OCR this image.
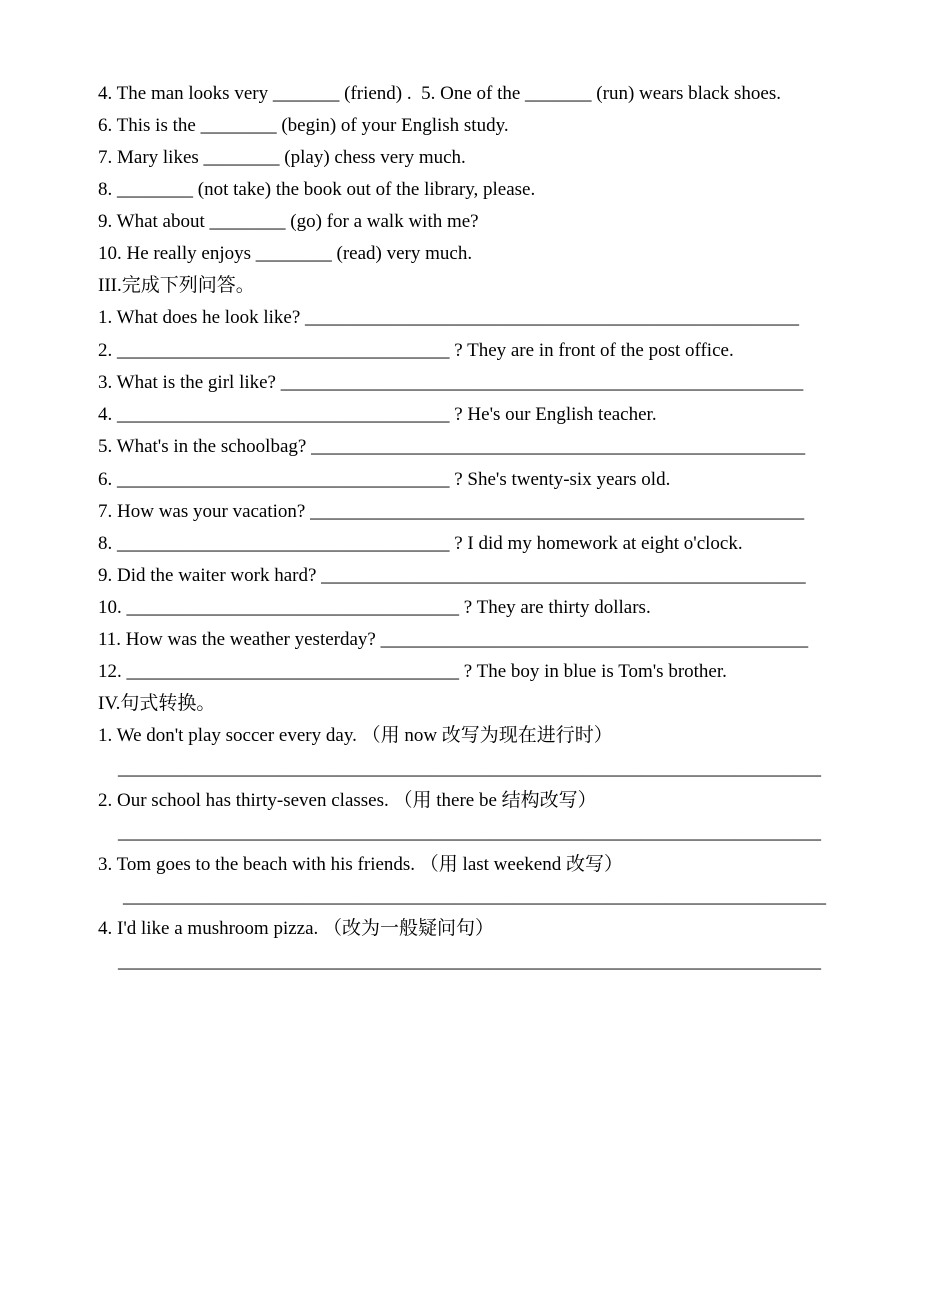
4. The man looks very _______ (friend) .  5. One of the _______ (run) wears black shoes.
6. This is the ________ (begin) of your English study.
7. Mary likes ________ (play) chess very much.
8. ________ (not take) the book out of the library, please.
9. What about ________ (go) for a walk with me?
10. He really enjoys ________ (read) very much.
III.完成下列问答。
1. What does he look like? ____________________________________________________
2. ___________________________________ ? They are in front of the post office.
3. What is the girl like? _______________________________________________________
4. ___________________________________ ? He's our English teacher.
5. What's in the schoolbag? ____________________________________________________
6. ___________________________________ ? She's twenty-six years old.
7. How was your vacation? ____________________________________________________
8. ___________________________________ ? I did my homework at eight o'clock.
9. Did the waiter work hard? ___________________________________________________
10. ___________________________________ ? They are thirty dollars.
11. How was the weather yesterday? _____________________________________________
12. ___________________________________ ? The boy in blue is Tom's brother.
IV.句式转换。
1. We don't play soccer every day. （用 now 改写为现在进行时）
__________________________________________________________________________
2. Our school has thirty-seven classes. （用 there be 结构改写）
__________________________________________________________________________
3. Tom goes to the beach with his friends. （用 last weekend 改写）
__________________________________________________________________________
4. I'd like a mushroom pizza. （改为一般疑问句）
__________________________________________________________________________
